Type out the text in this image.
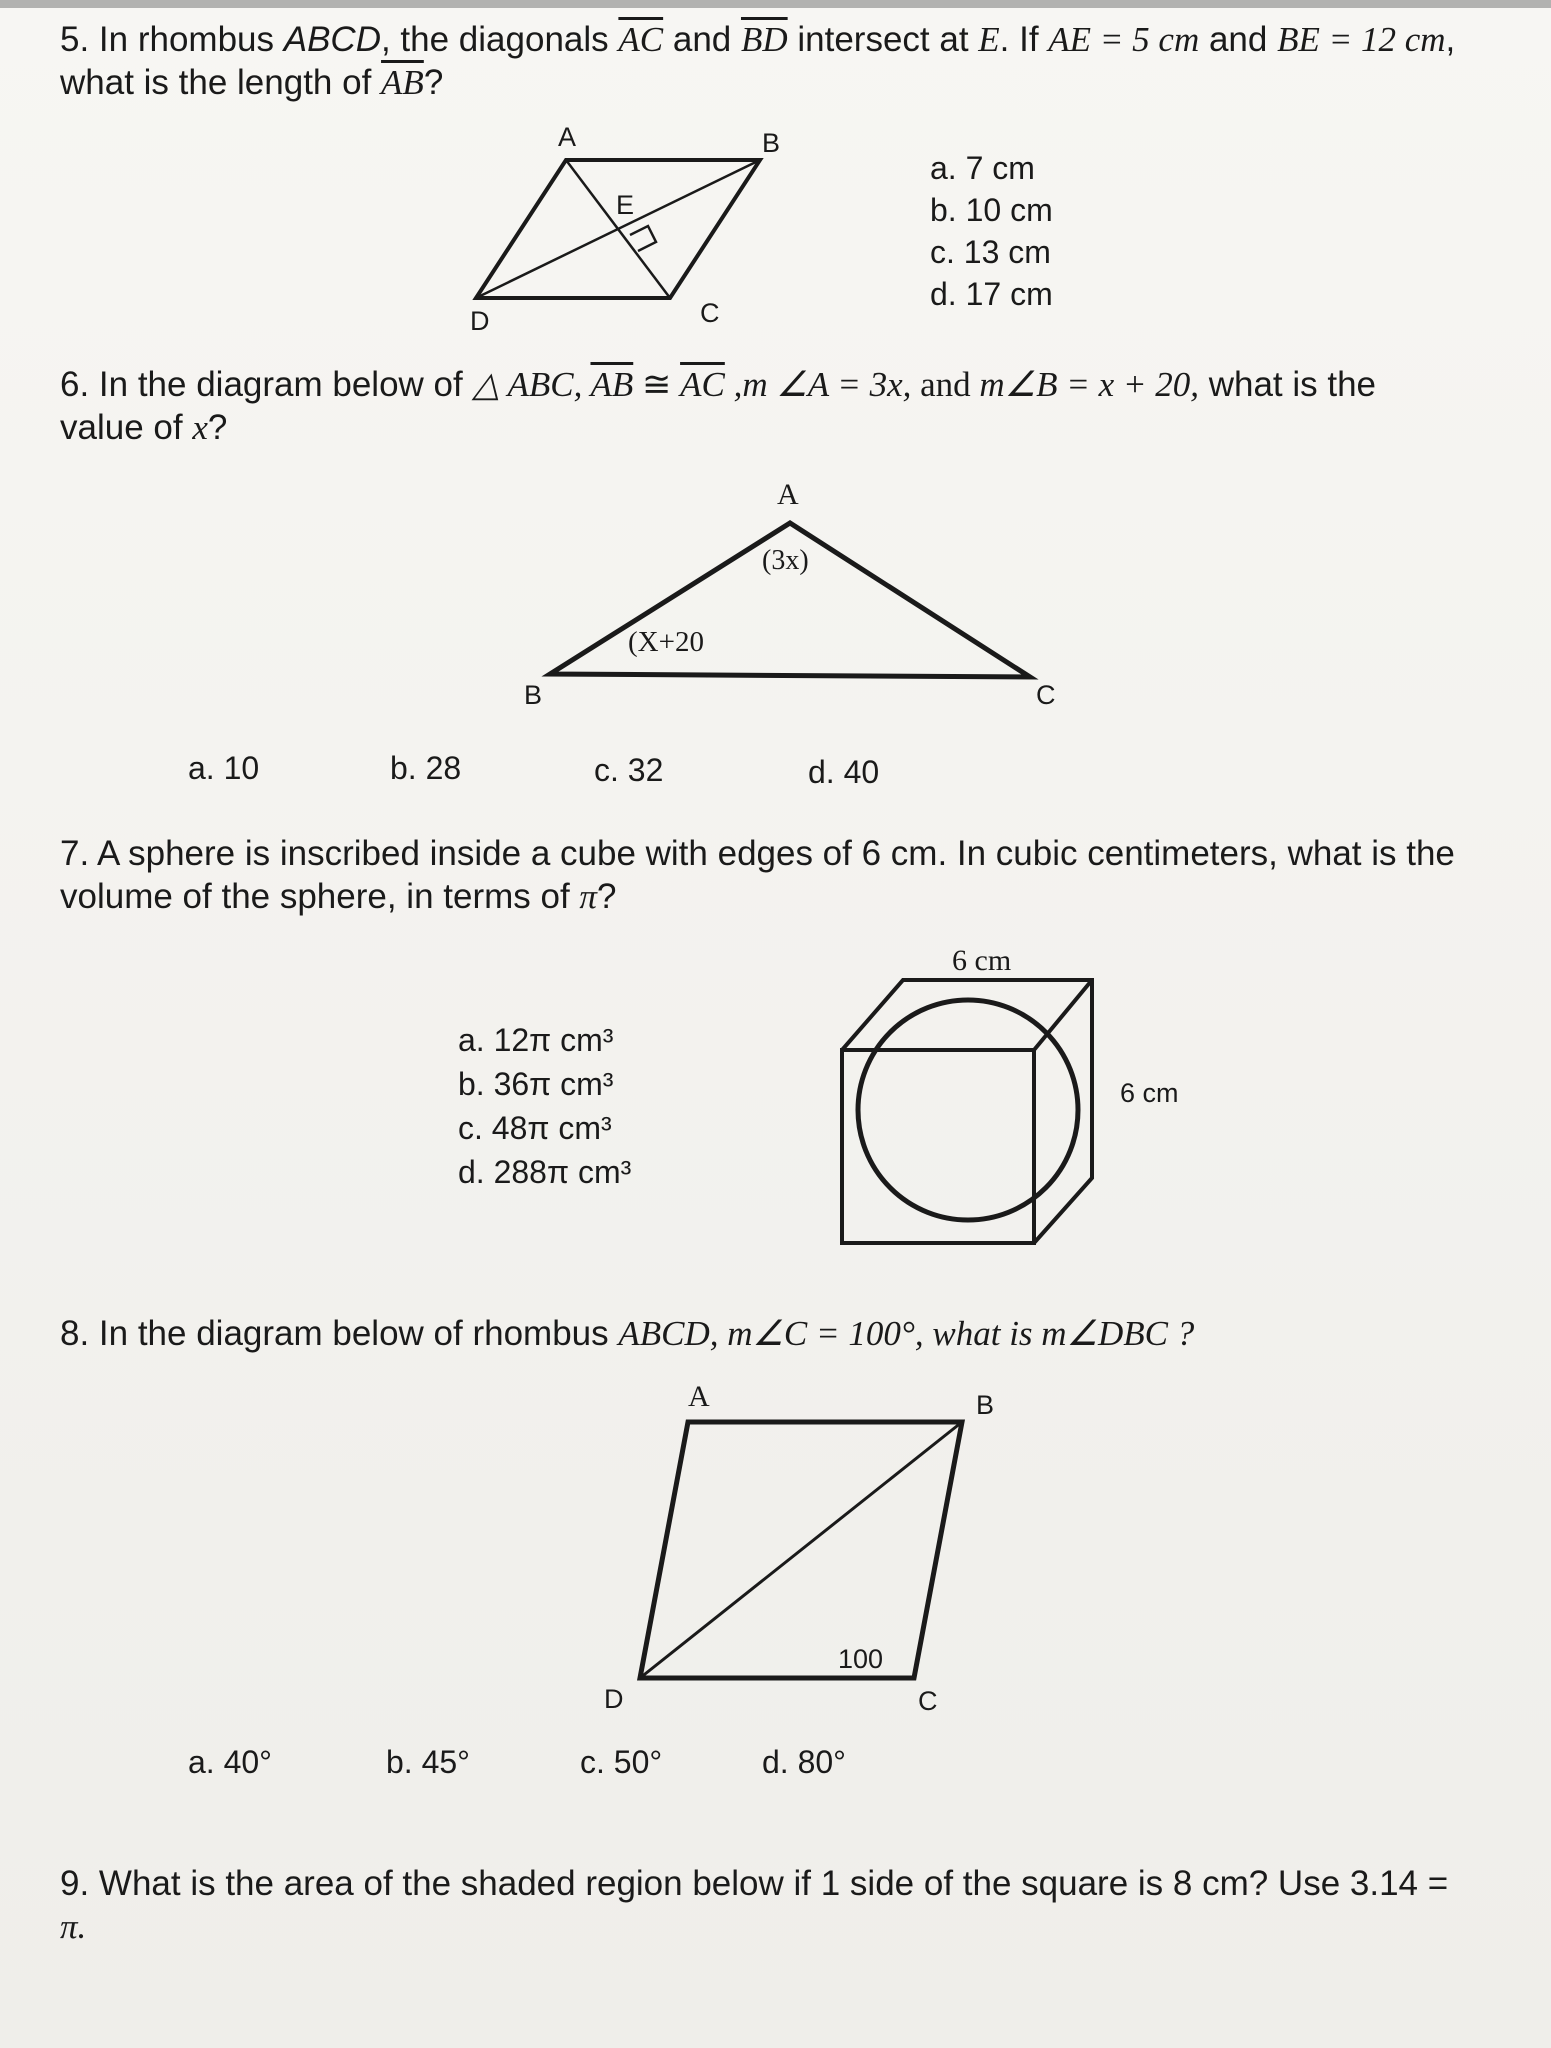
5. In rhombus ABCD, the diagonals $\overline{AC}$ and $\overline{BD}$ intersect at E. If AE = 5 cm and BE = 12 cm,
what is the length of $\overline{AB}$?
A	B
C
D
E
a. 7 cm
b. 10 cm
c. 13 cm
d. 17 cm
6. In the diagram below of △ ABC, $\overline{AB}$ ≅ $\overline{AC}$ ,m ∠A = 3x, and m∠B = x + 20, what is the
value of x?
A
(3x)
(X+20
B	C
a. 10	b. 28	c. 32	d. 40
7. A sphere is inscribed inside a cube with edges of 6 cm. In cubic centimeters, what is the
volume of the sphere, in terms of π?
a. 12π cm³
b. 36π cm³
c. 48π cm³
d. 288π cm³
6 cm
6 cm
8. In the diagram below of rhombus ABCD, m∠C = 100°, what is m∠DBC ?
A	B
C
D
100
a. 40°	b. 45°	c. 50°	d. 80°
9. What is the area of the shaded region below if 1 side of the square is 8 cm? Use 3.14 =
π.
